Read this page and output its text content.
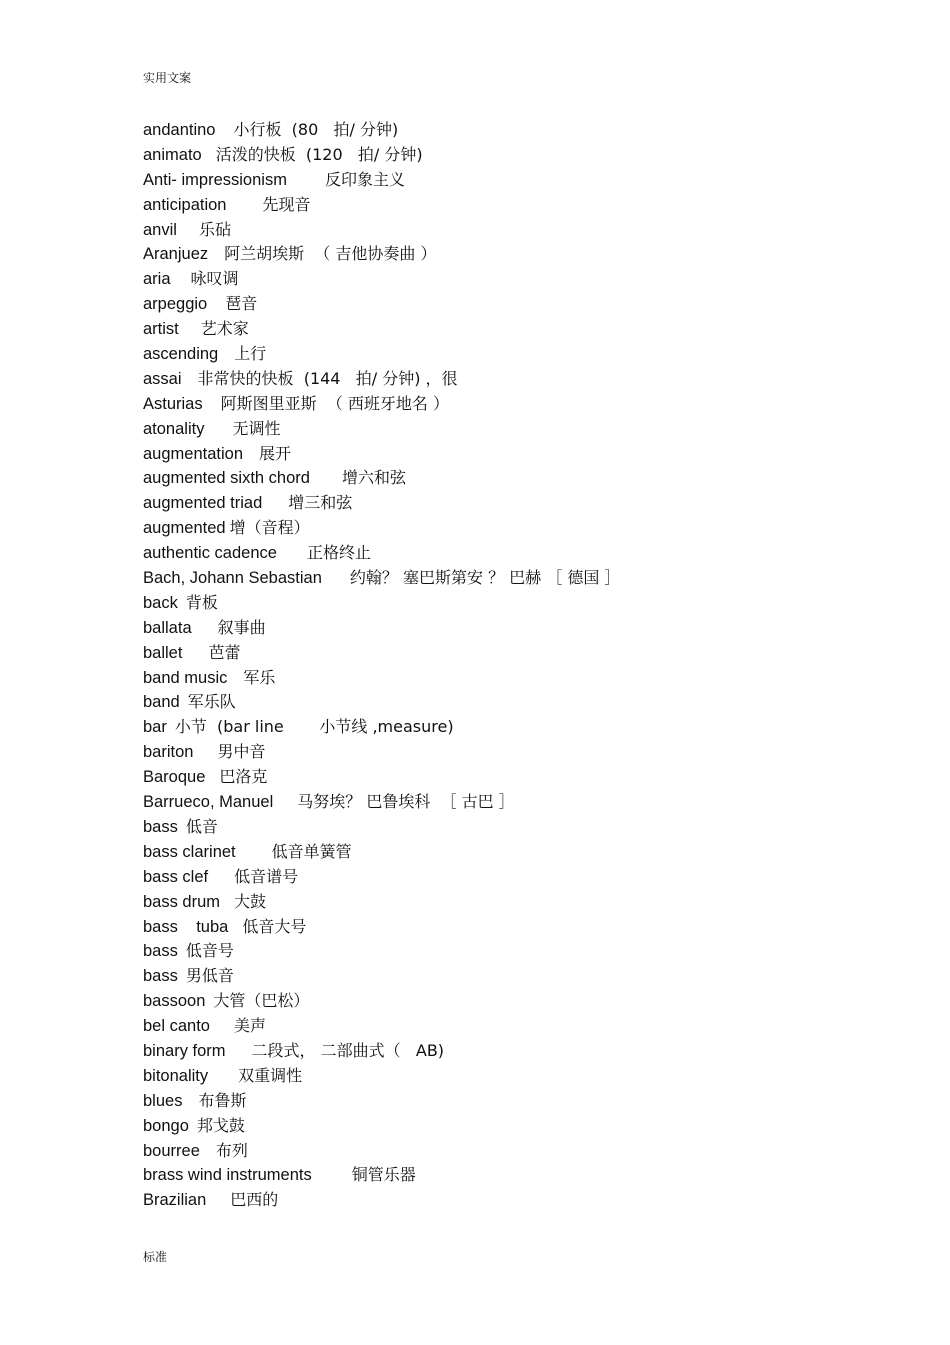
实用文案
andantino 小行板  (80   拍/ 分钟)
animato 活泼的快板  (120   拍/ 分钟)
Anti- impressionism 反印象主义
anticipation 先现音
anvil 乐砧
Aranjuez 阿兰胡埃斯  （ 吉他协奏曲 ）
aria 咏叹调
arpeggio 琶音
artist 艺术家
ascending 上行
assai 非常快的快板  (144   拍/ 分钟) ，很
Asturias 阿斯图里亚斯  （ 西班牙地名 ）
atonality 无调性
augmentation 展开
augmented sixth chord 增六和弦
augmented triad 增三和弦
augmented 增（音程）
authentic cadence 正格终止
Bach, Johann Sebastian 约翰？ 塞巴斯第安 ？ 巴赫 ［ 德国 ］
back 背板
ballata 叙事曲
ballet 芭蕾
band music 军乐
band 军乐队
bar 小节  (bar line       小节线 ,measure)
bariton 男中音
Baroque 巴洛克
Barrueco, Manuel 马努埃？ 巴鲁埃科  ［ 古巴 ］
bass 低音
bass clarinet 低音单簧管
bass clef 低音谱号
bass drum 大鼓
bass    tuba 低音大号
bass 低音号
bass 男低音
bassoon 大管（巴松）
bel canto 美声
binary form 二段式， 二部曲式（   AB)
bitonality 双重调性
blues 布鲁斯
bongo 邦戈鼓
bourree 布列
brass wind instruments	铜管乐器
Brazilian 巴西的
标准
